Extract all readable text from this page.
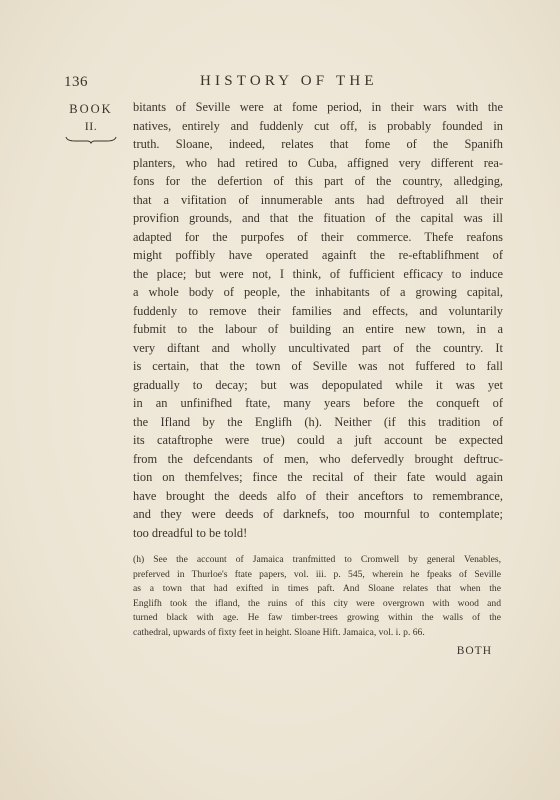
136	HISTORY OF THE
BOOK
II.
bitants of Seville were at fome period, in their wars with the
natives, entirely and fuddenly cut off, is probably founded in
truth. Sloane, indeed, relates that fome of the Spanifh
planters, who had retired to Cuba, affigned very different rea-
fons for the defertion of this part of the country, alledging,
that a vifitation of innumerable ants had deftroyed all their
provifion grounds, and that the fituation of the capital was ill
adapted for the purpofes of their commerce. Thefe reafons
might poffibly have operated againft the re-eftablifhment of
the place; but were not, I think, of fufficient efficacy to induce
a whole body of people, the inhabitants of a growing capital,
fuddenly to remove their families and effects, and voluntarily
fubmit to the labour of building an entire new town, in a
very diftant and wholly uncultivated part of the country. It
is certain, that the town of Seville was not fuffered to fall
gradually to decay; but was depopulated while it was yet
in an unfinifhed ftate, many years before the conqueft of
the Ifland by the Englifh (h). Neither (if this tradition of
its cataftrophe were true) could a juft account be expected
from the defcendants of men, who defervedly brought deftruc-
tion on themfelves; fince the recital of their fate would again
have brought the deeds alfo of their anceftors to remembrance,
and they were deeds of darknefs, too mournful to contemplate;
too dreadful to be told!
(h) See the account of Jamaica tranfmitted to Cromwell by general Venables,
preferved in Thurloe's ftate papers, vol. iii. p. 545, wherein he fpeaks of Seville
as a town that had exifted in times paft. And Sloane relates that when the
Englifh took the ifland, the ruins of this city were overgrown with wood and
turned black with age. He faw timber-trees growing within the walls of the
cathedral, upwards of fixty feet in height. Sloane Hift. Jamaica, vol. i. p. 66.
BOTH
